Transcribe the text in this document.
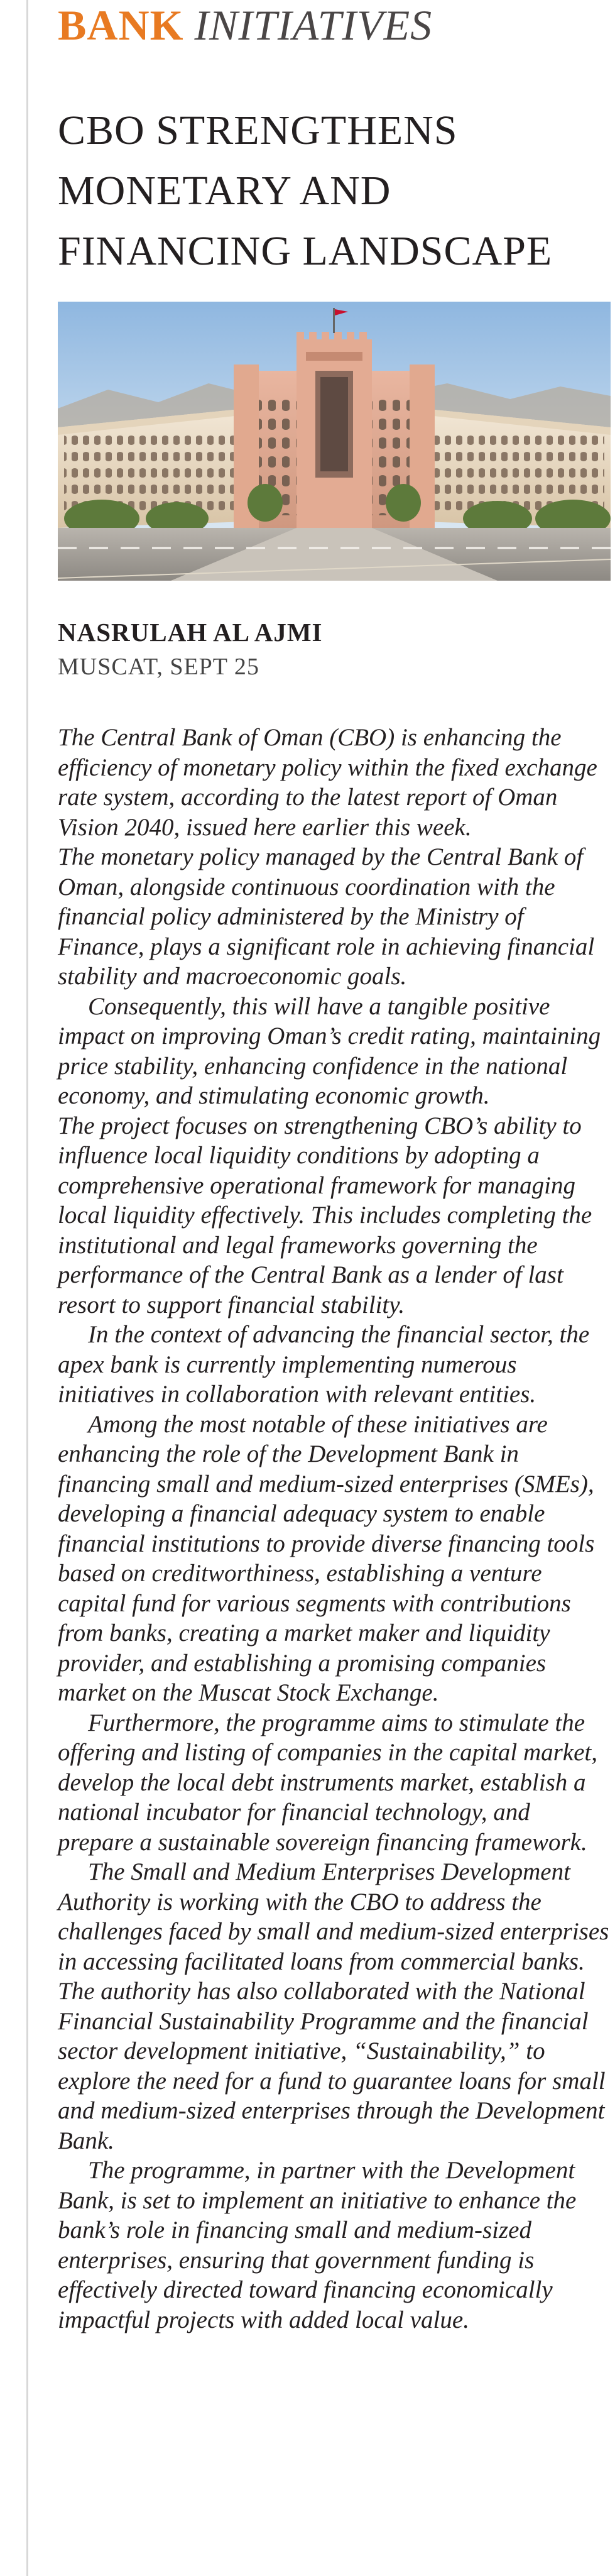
BANK INITIATIVES
CBO STRENGTHENS MONETARY AND FINANCING LANDSCAPE
NASRULAH AL AJMI
MUSCAT, SEPT 25

The Central Bank of Oman (CBO) is enhancing the efficiency of monetary policy within the fixed exchange rate system, according to the latest report of Oman Vision 2040, issued here earlier this week.

The monetary policy managed by the Central Bank of Oman, alongside continuous coordination with the financial policy administered by the Ministry of Finance, plays a significant role in achieving financial stability and macroeconomic goals.

Consequently, this will have a tangible positive impact on improving Oman’s credit rating, maintaining price stability, enhancing confidence in the national economy, and stimulating economic growth.

The project focuses on strengthening CBO’s ability to influence local liquidity conditions by adopting a comprehensive operational framework for managing local liquidity effectively. This includes completing the institutional and legal frameworks governing the performance of the Central Bank as a lender of last resort to support financial stability.

In the context of advancing the financial sector, the apex bank is currently implementing numerous initiatives in collaboration with relevant entities.

Among the most notable of these initiatives are enhancing the role of the Development Bank in financing small and medium-sized enterprises (SMEs), developing a financial adequacy system to enable financial institutions to provide diverse financing tools based on creditworthiness, establishing a venture capital fund for various segments with contributions from banks, creating a market maker and liquidity provider, and establishing a promising companies market on the Muscat Stock Exchange.

Furthermore, the programme aims to stimulate the offering and listing of companies in the capital market, develop the local debt instruments market, establish a national incubator for financial technology, and prepare a sustainable sovereign financing framework.

The Small and Medium Enterprises Development Authority is working with the CBO to address the challenges faced by small and medium-sized enterprises in accessing facilitated loans from commercial banks. The authority has also collaborated with the National Financial Sustainability Programme and the financial sector development initiative, “Sustainability,” to explore the need for a fund to guarantee loans for small and medium-sized enterprises through the Development Bank.

The programme, in partner with the Development Bank, is set to implement an initiative to enhance the bank’s role in financing small and medium-sized enterprises, ensuring that government funding is effectively directed toward financing economically impactful projects with added local value.
